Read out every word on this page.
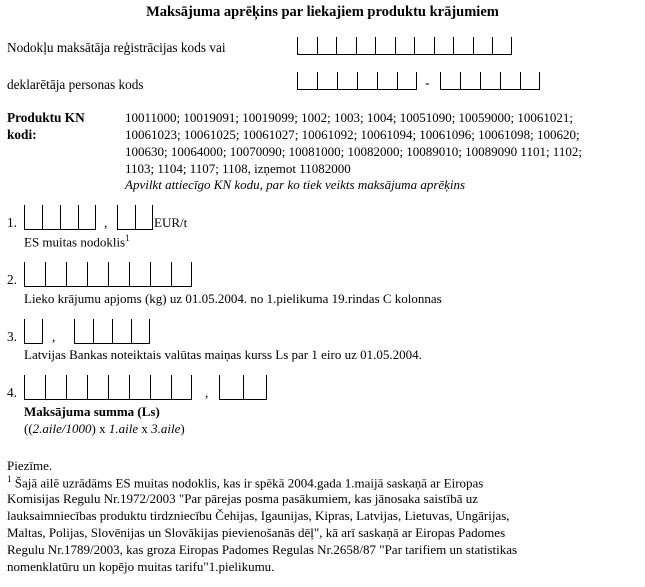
Maksājuma aprēķins par liekajiem produktu krājumiem
Nodokļu maksātāja reģistrācijas kods vai
deklarētāja personas kods	-
Produktu KN
kodi:
10011000; 10019091; 10019099; 1002; 1003; 1004; 10051090; 10059000; 10061021;
10061023; 10061025; 10061027; 10061092; 10061094; 10061096; 10061098; 100620;
100630; 10064000; 10070090; 10081000; 10082000; 10089010; 10089090 1101; 1102;
1103; 1104; 1107; 1108, izņemot 11082000
Apvilkt attiecīgo KN kodu, par ko tiek veikts maksājuma aprēķins
1.	,	EUR/t
ES muitas nodoklis$^1$
2.
Lieko krājumu apjoms (kg) uz 01.05.2004. no 1.pielikuma 19.rindas C kolonnas
3.	,
Latvijas Bankas noteiktais valūtas maiņas kurss Ls par 1 eiro uz 01.05.2004.
4.	,
Maksājuma summa (Ls)
((2.aile/1000) x 1.aile x 3.aile)
Piezīme.
$^1$ Šajā ailē uzrādāms ES muitas nodoklis, kas ir spēkā 2004.gada 1.maijā saskaņā ar Eiropas
Komisijas Regulu Nr.1972/2003 "Par pārejas posma pasākumiem, kas jānosaka saistībā uz
lauksaimniecības produktu tirdzniecību Čehijas, Igaunijas, Kipras, Latvijas, Lietuvas, Ungārijas,
Maltas, Polijas, Slovēnijas un Slovākijas pievienošanās dēļ", kā arī saskaņā ar Eiropas Padomes
Regulu Nr.1789/2003, kas groza Eiropas Padomes Regulas Nr.2658/87 "Par tarifiem un statistikas
nomenklatūru un kopējo muitas tarifu"1.pielikumu.
